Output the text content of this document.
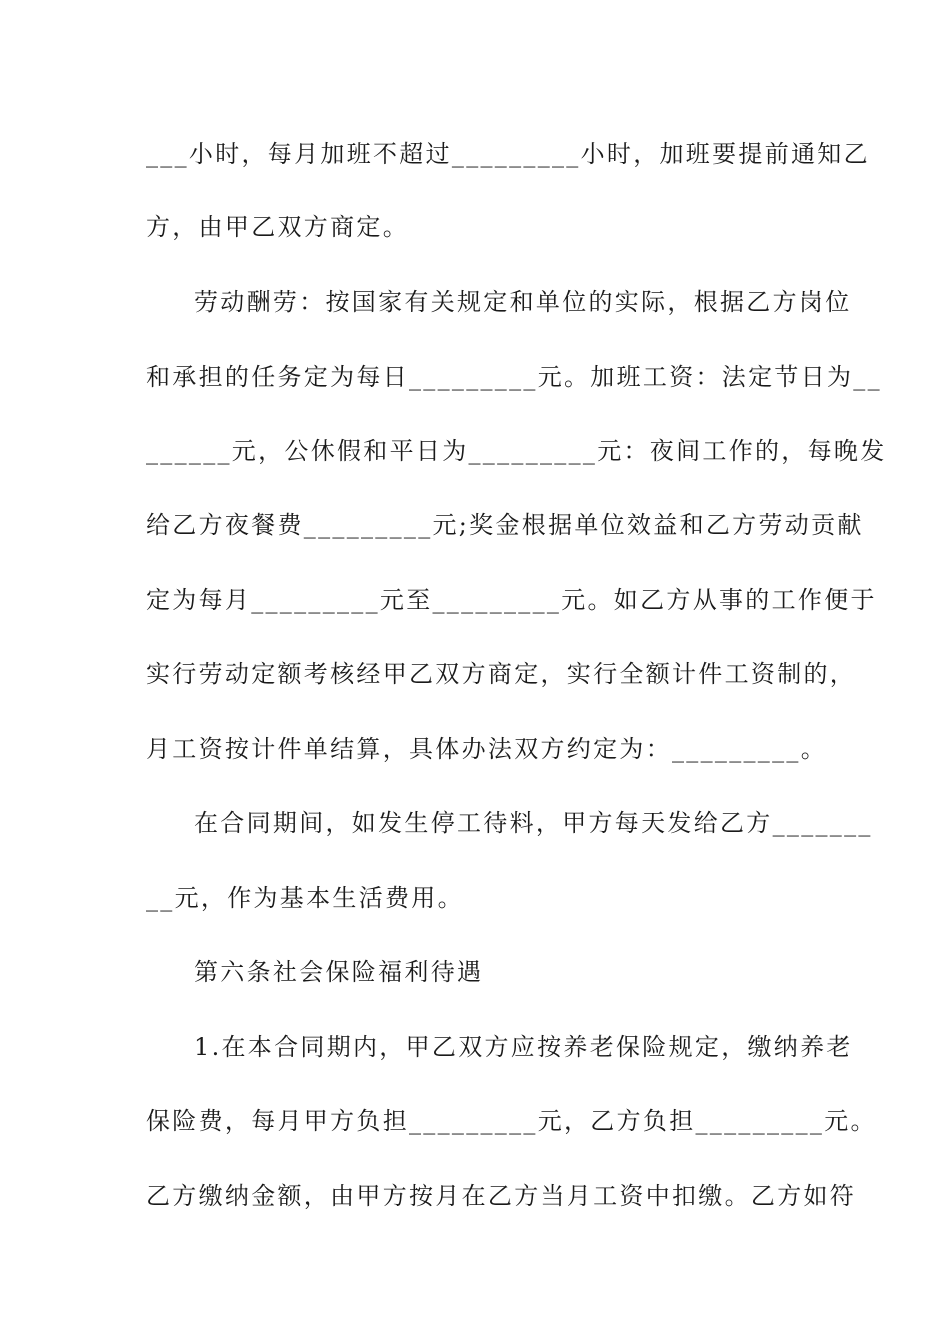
___小时，每月加班不超过_________小时，加班要提前通知乙
方，由甲乙双方商定。
劳动酬劳：按国家有关规定和单位的实际，根据乙方岗位
和承担的任务定为每日_________元。加班工资：法定节日为__
______元，公休假和平日为_________元：夜间工作的，每晚发
给乙方夜餐费_________元;奖金根据单位效益和乙方劳动贡献
定为每月_________元至_________元。如乙方从事的工作便于
实行劳动定额考核经甲乙双方商定，实行全额计件工资制的，
月工资按计件单结算，具体办法双方约定为：_________。
在合同期间，如发生停工待料，甲方每天发给乙方_______
__元，作为基本生活费用。
第六条社会保险福利待遇
1.在本合同期内，甲乙双方应按养老保险规定，缴纳养老
保险费，每月甲方负担_________元，乙方负担_________元。
乙方缴纳金额，由甲方按月在乙方当月工资中扣缴。乙方如符
